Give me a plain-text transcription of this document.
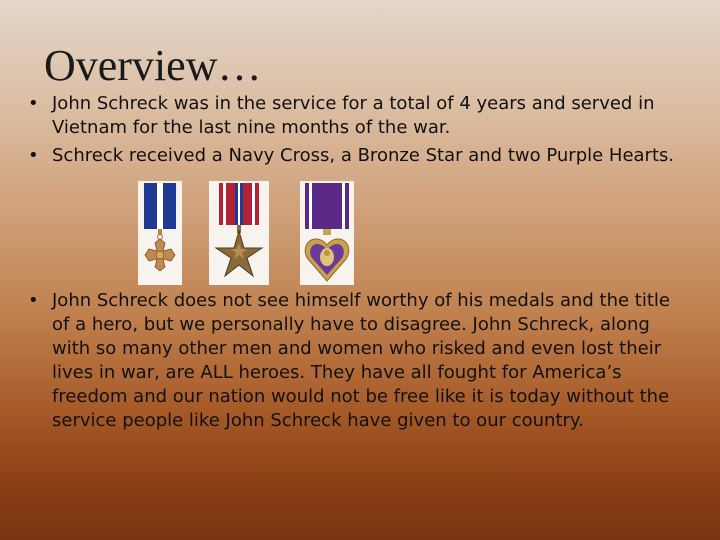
Overview…
• John Schreck was in the service for a total of 4 years and served in Vietnam for the last nine months of the war.
• Schreck received a Navy Cross, a Bronze Star and two Purple Hearts.
• John Schreck does not see himself worthy of his medals and the title of a hero, but we personally have to disagree. John Schreck, along with so many other men and women who risked and even lost their lives in war, are ALL heroes. They have all fought for America’s freedom and our nation would not be free like it is today without the service people like John Schreck have given to our country.
